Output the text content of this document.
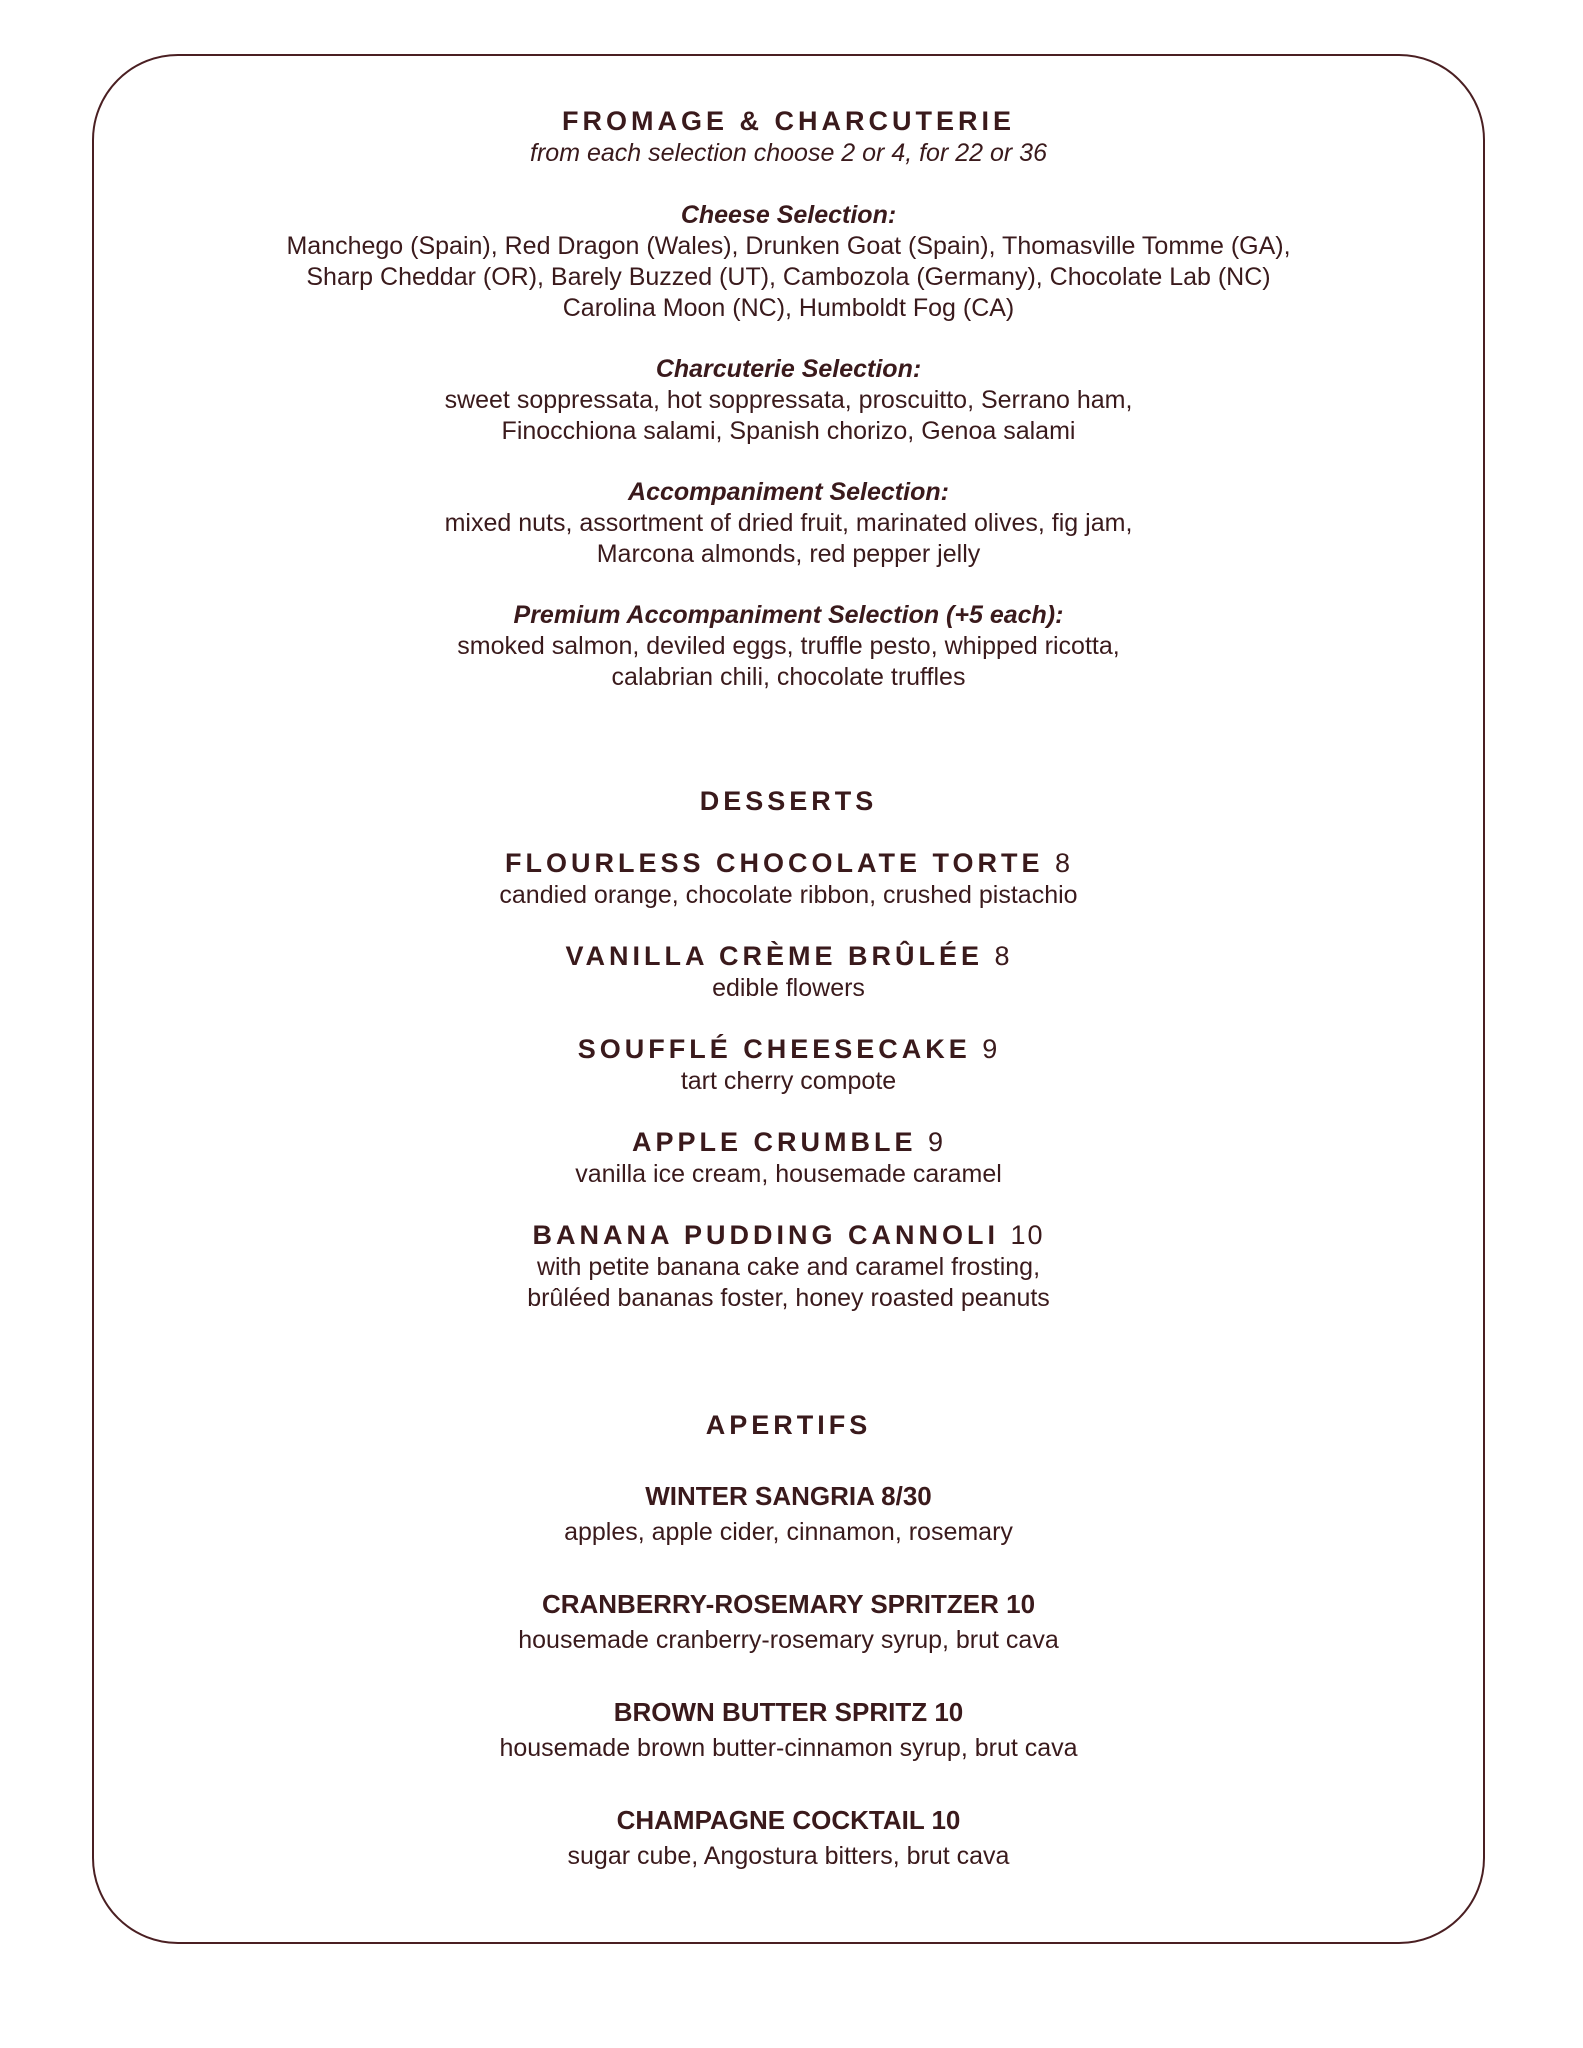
FROMAGE & CHARCUTERIE
from each selection choose 2 or 4, for 22 or 36
Cheese Selection:
Manchego (Spain), Red Dragon (Wales), Drunken Goat (Spain), Thomasville Tomme (GA),
Sharp Cheddar (OR), Barely Buzzed (UT), Cambozola (Germany), Chocolate Lab (NC)
Carolina Moon (NC), Humboldt Fog (CA)
Charcuterie Selection:
sweet soppressata, hot soppressata, proscuitto, Serrano ham,
Finocchiona salami, Spanish chorizo, Genoa salami
Accompaniment Selection:
mixed nuts, assortment of dried fruit, marinated olives, fig jam,
Marcona almonds, red pepper jelly
Premium Accompaniment Selection (+5 each):
smoked salmon, deviled eggs, truffle pesto, whipped ricotta,
calabrian chili, chocolate truffles
DESSERTS
FLOURLESS CHOCOLATE TORTE 8
candied orange, chocolate ribbon, crushed pistachio
VANILLA CRÈME BRÛLÉE 8
edible flowers
SOUFFLÉ CHEESECAKE 9
tart cherry compote
APPLE CRUMBLE 9
vanilla ice cream, housemade caramel
BANANA PUDDING CANNOLI 10
with petite banana cake and caramel frosting,
brûléed bananas foster, honey roasted peanuts
APERTIFS
WINTER SANGRIA 8/30
apples, apple cider, cinnamon, rosemary
CRANBERRY-ROSEMARY SPRITZER 10
housemade cranberry-rosemary syrup, brut cava
BROWN BUTTER SPRITZ 10
housemade brown butter-cinnamon syrup, brut cava
CHAMPAGNE COCKTAIL 10
sugar cube, Angostura bitters, brut cava
